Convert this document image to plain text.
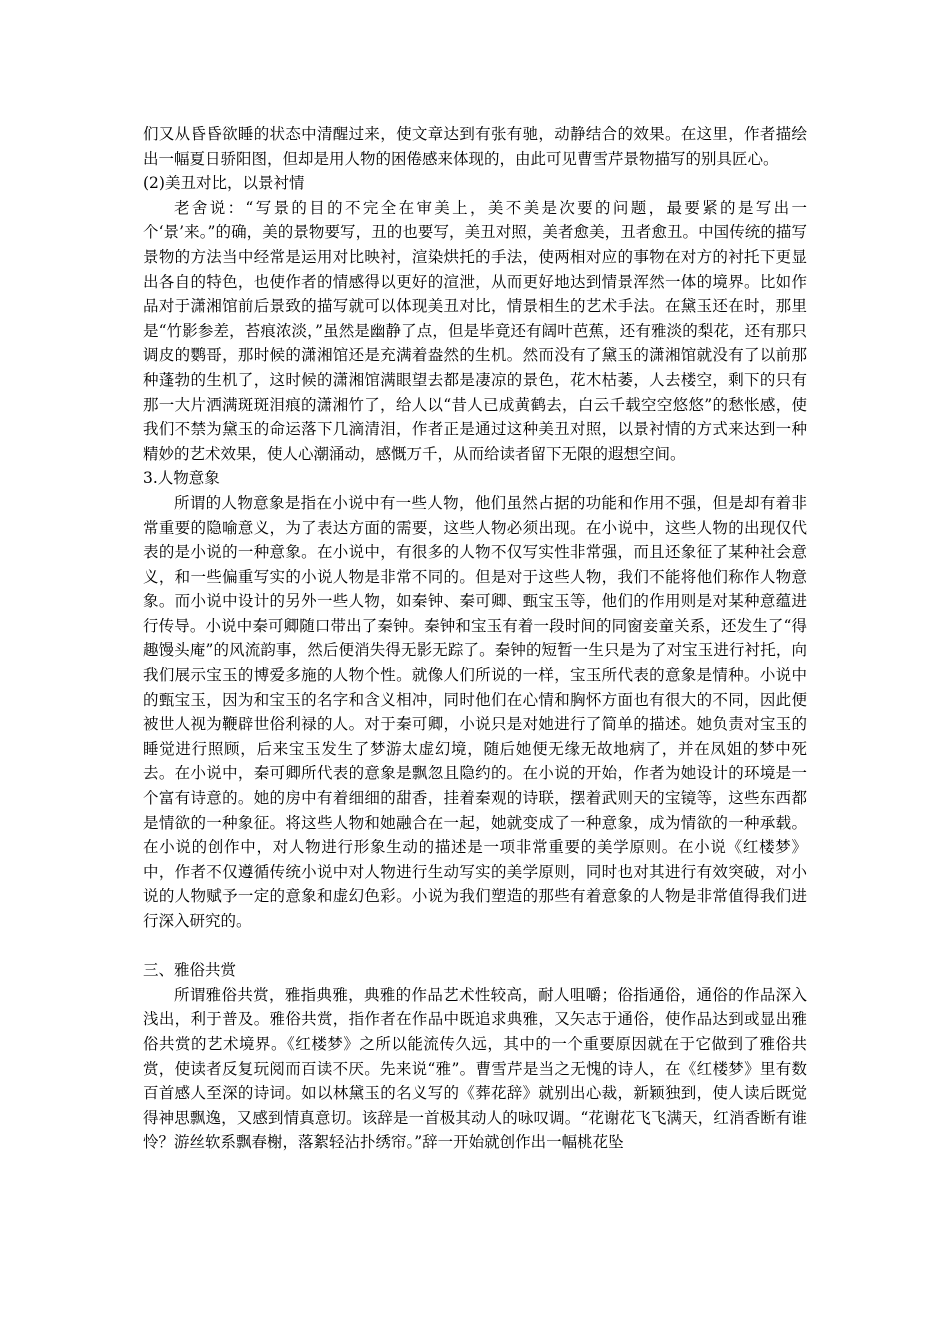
们又从昏昏欲睡的状态中清醒过来，使文章达到有张有驰，动静结合的效果。在这里，作者描绘出一幅夏日骄阳图，但却是用人物的困倦感来体现的，由此可见曹雪芹景物描写的别具匠心。

(2)美丑对比，以景衬情

老舍说：“写景的目的不完全在审美上，美不美是次要的问题，最要紧的是写出一个‘景’来。”的确，美的景物要写，丑的也要写，美丑对照，美者愈美，丑者愈丑。中国传统的描写景物的方法当中经常是运用对比映衬，渲染烘托的手法，使两相对应的事物在对方的衬托下更显出各自的特色，也使作者的情感得以更好的渲泄，从而更好地达到情景浑然一体的境界。比如作品对于潇湘馆前后景致的描写就可以体现美丑对比，情景相生的艺术手法。在黛玉还在时，那里是“竹影参差，苔痕浓淡，”虽然是幽静了点，但是毕竟还有阔叶芭蕉，还有雅淡的梨花，还有那只调皮的鹦哥，那时候的潇湘馆还是充满着盎然的生机。然而没有了黛玉的潇湘馆就没有了以前那种蓬勃的生机了，这时候的潇湘馆满眼望去都是凄凉的景色，花木枯萎，人去楼空，剩下的只有那一大片洒满斑斑泪痕的潇湘竹了，给人以“昔人已成黄鹤去，白云千载空空悠悠”的愁怅感，使我们不禁为黛玉的命运落下几滴清泪，作者正是通过这种美丑对照，以景衬情的方式来达到一种精妙的艺术效果，使人心潮涌动，感慨万千，从而给读者留下无限的遐想空间。

3.人物意象

所谓的人物意象是指在小说中有一些人物，他们虽然占据的功能和作用不强，但是却有着非常重要的隐喻意义，为了表达方面的需要，这些人物必须出现。在小说中，这些人物的出现仅代表的是小说的一种意象。在小说中，有很多的人物不仅写实性非常强，而且还象征了某种社会意义，和一些偏重写实的小说人物是非常不同的。但是对于这些人物，我们不能将他们称作人物意象。而小说中设计的另外一些人物，如秦钟、秦可卿、甄宝玉等，他们的作用则是对某种意蕴进行传导。小说中秦可卿随口带出了秦钟。秦钟和宝玉有着一段时间的同窗妾童关系，还发生了“得趣馒头庵”的风流韵事，然后便消失得无影无踪了。秦钟的短暂一生只是为了对宝玉进行衬托，向我们展示宝玉的博爱多施的人物个性。就像人们所说的一样，宝玉所代表的意象是情种。小说中的甄宝玉，因为和宝玉的名字和含义相冲，同时他们在心情和胸怀方面也有很大的不同，因此便被世人视为鞭辟世俗利禄的人。对于秦可卿，小说只是对她进行了简单的描述。她负责对宝玉的睡觉进行照顾，后来宝玉发生了梦游太虚幻境，随后她便无缘无故地病了，并在凤姐的梦中死去。在小说中，秦可卿所代表的意象是飘忽且隐约的。在小说的开始，作者为她设计的环境是一个富有诗意的。她的房中有着细细的甜香，挂着秦观的诗联，摆着武则天的宝镜等，这些东西都是情欲的一种象征。将这些人物和她融合在一起，她就变成了一种意象，成为情欲的一种承载。在小说的创作中，对人物进行形象生动的描述是一项非常重要的美学原则。在小说《红楼梦》中，作者不仅遵循传统小说中对人物进行生动写实的美学原则，同时也对其进行有效突破，对小说的人物赋予一定的意象和虚幻色彩。小说为我们塑造的那些有着意象的人物是非常值得我们进行深入研究的。

三、雅俗共赏

所谓雅俗共赏，雅指典雅，典雅的作品艺术性较高，耐人咀嚼；俗指通俗，通俗的作品深入浅出，利于普及。雅俗共赏，指作者在作品中既追求典雅，又矢志于通俗，使作品达到或显出雅俗共赏的艺术境界。《红楼梦》之所以能流传久远，其中的一个重要原因就在于它做到了雅俗共赏，使读者反复玩阅而百读不厌。先来说“雅”。曹雪芹是当之无愧的诗人，在《红楼梦》里有数百首感人至深的诗词。如以林黛玉的名义写的《葬花辞》就别出心裁，新颖独到，使人读后既觉得神思飘逸，又感到情真意切。该辞是一首极其动人的咏叹调。“花谢花飞飞满天，红消香断有谁怜？游丝软系飘春榭，落絮轻沾扑绣帘。”辞一开始就创作出一幅桃花坠
